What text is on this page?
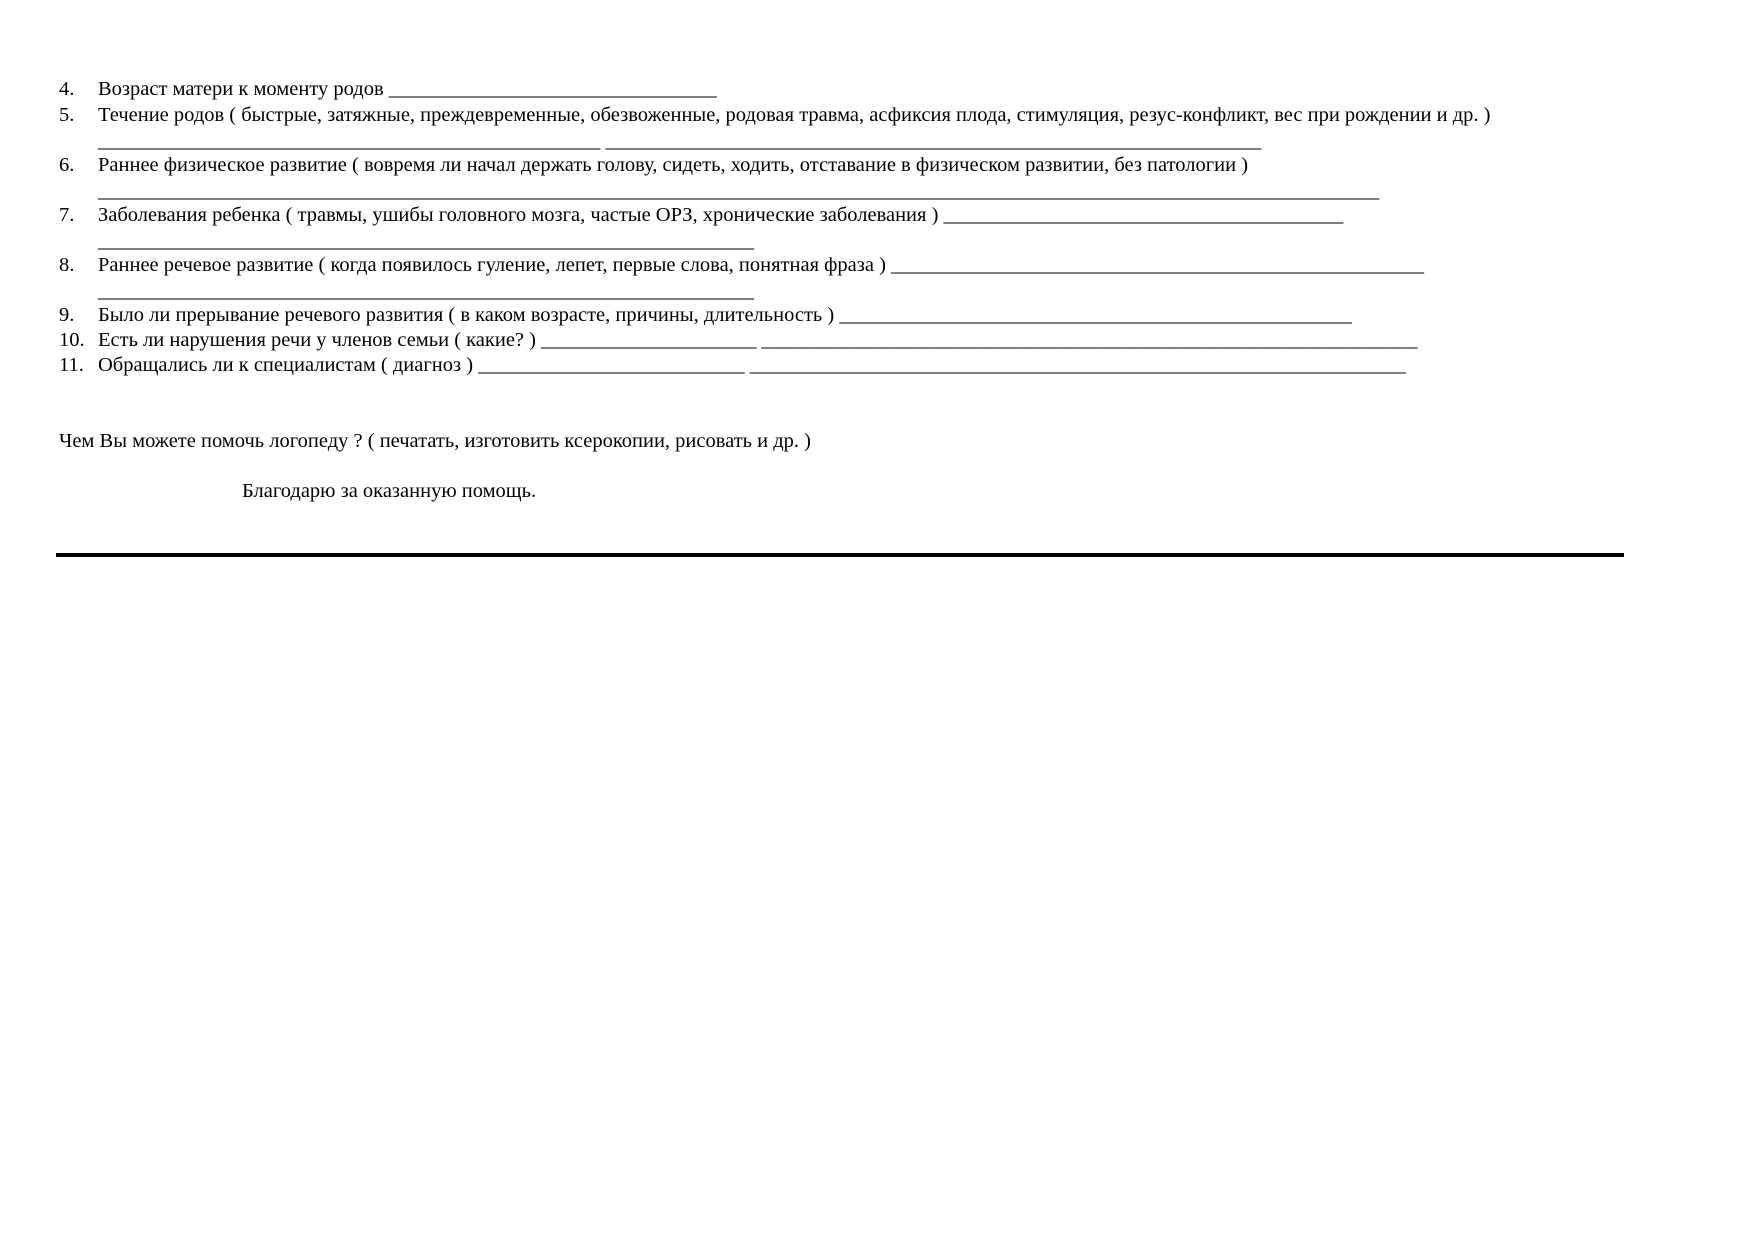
4.	Возраст матери к моменту родов ________________________________
5.	Течение родов ( быстрые, затяжные, преждевременные, обезвоженные, родовая травма, асфиксия плода, стимуляция, резус-конфликт, вес при рождении и др. )
_________________________________________________ ________________________________________________________________
6.	Раннее физическое развитие ( вовремя ли начал держать голову, сидеть, ходить, отставание в физическом развитии, без патологии )
_____________________________________________________________________________________________________________________________
7.	Заболевания ребенка ( травмы, ушибы головного мозга, частые ОРЗ, хронические заболевания ) _______________________________________
________________________________________________________________
8.	Раннее речевое развитие ( когда появилось гуление, лепет, первые слова, понятная фраза ) ____________________________________________________
________________________________________________________________
9.	Было ли прерывание речевого развития ( в каком возрасте, причины, длительность ) __________________________________________________
10. Есть ли нарушения речи у членов семьи ( какие? ) _____________________ ________________________________________________________________
11. Обращались ли к специалистам ( диагноз ) __________________________ ________________________________________________________________
Чем Вы можете помочь логопеду ? ( печатать, изготовить ксерокопии, рисовать и др. )
Благодарю за оказанную помощь.
